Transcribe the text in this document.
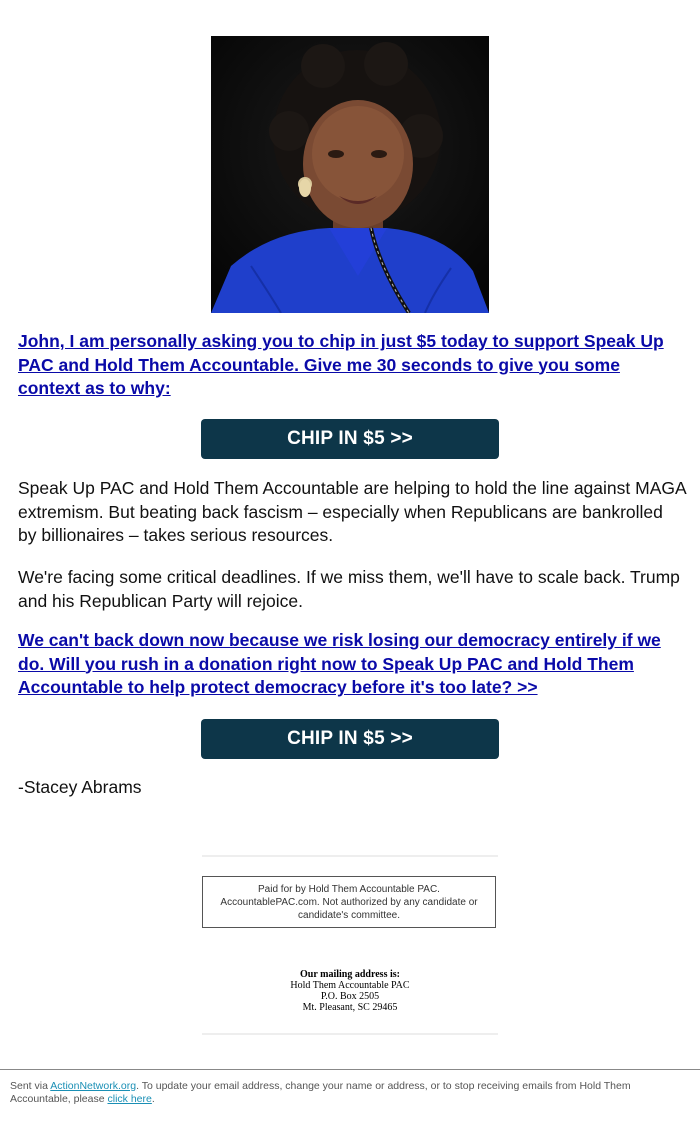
John, I am personally asking you to chip in just $5 today to support Speak Up PAC and Hold Them Accountable. Give me 30 seconds to give you some context as to why:

CHIP IN $5 >>

Speak Up PAC and Hold Them Accountable are helping to hold the line against MAGA extremism. But beating back fascism – especially when Republicans are bankrolled by billionaires – takes serious resources.

We're facing some critical deadlines. If we miss them, we'll have to scale back. Trump and his Republican Party will rejoice.

We can't back down now because we risk losing our democracy entirely if we do. Will you rush in a donation right now to Speak Up PAC and Hold Them Accountable to help protect democracy before it's too late? >>

CHIP IN $5 >>
-Stacey Abrams
Paid for by Hold Them Accountable PAC. AccountablePAC.com. Not authorized by any candidate or candidate's committee.
Our mailing address is:
Hold Them Accountable PAC
P.O. Box 2505
Mt. Pleasant, SC 29465
Sent via ActionNetwork.org. To update your email address, change your name or address, or to stop receiving emails from Hold Them Accountable, please click here.
